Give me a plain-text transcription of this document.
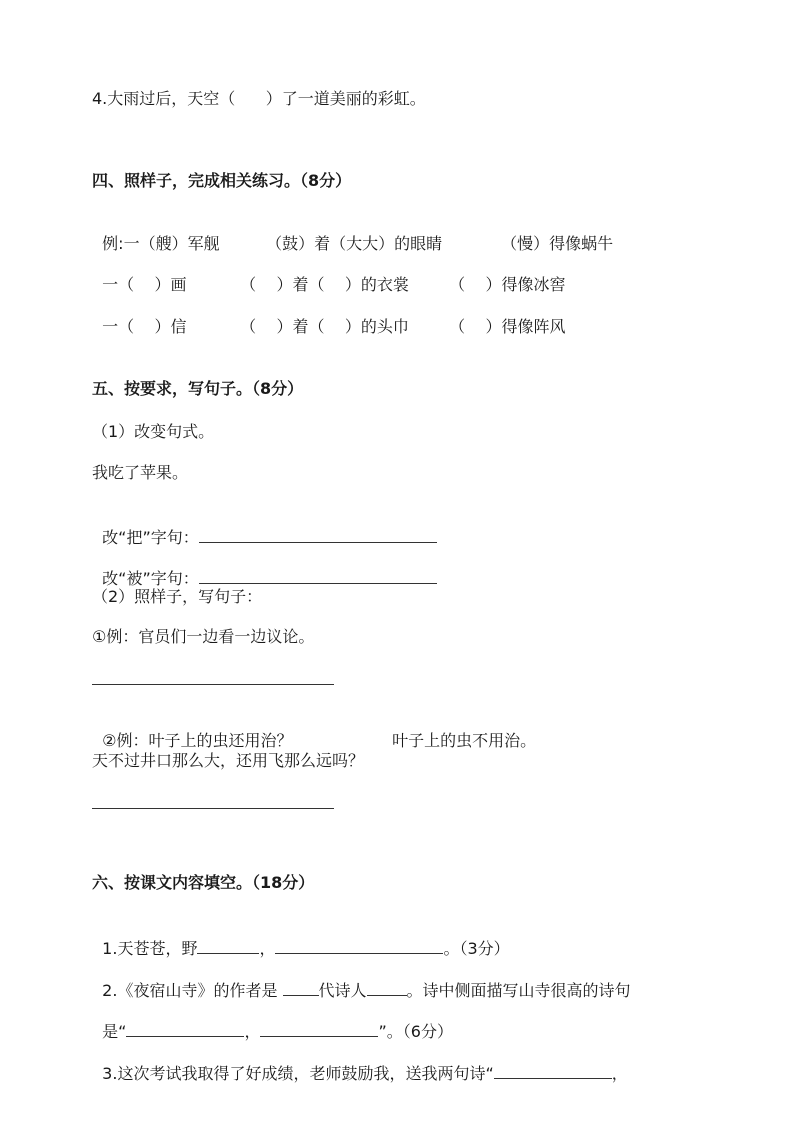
4.大雨过后，天空（      ）了一道美丽的彩虹。
四、照样子，完成相关练习。（8分）

例:一（艘）军舰	（鼓）着（大大）的眼睛	（慢）得像蜗牛

一（    ）画	（    ）着（    ）的衣裳	（    ）得像冰窖

一（    ）信	（    ）着（    ）的头巾	（    ）得像阵风

五、按要求，写句子。（8分）
（1）改变句式。
我吃了苹果。

改“把”字句：

改“被”字句：

（2）照样子，写句子：
①例：官员们一边看一边议论。

②例：叶子上的虫还用治？	叶子上的虫不用治。

天不过井口那么大，还用飞那么远吗？
六、按课文内容填空。（18分）

1.天苍苍，野	，	。（3分）

2.《夜宿山寺》的作者是 代诗人	。诗中侧面描写山寺很高的诗句

是“	，	”。（6分）

3.这次考试我取得了好成绩，老师鼓励我，送我两句诗“	，
